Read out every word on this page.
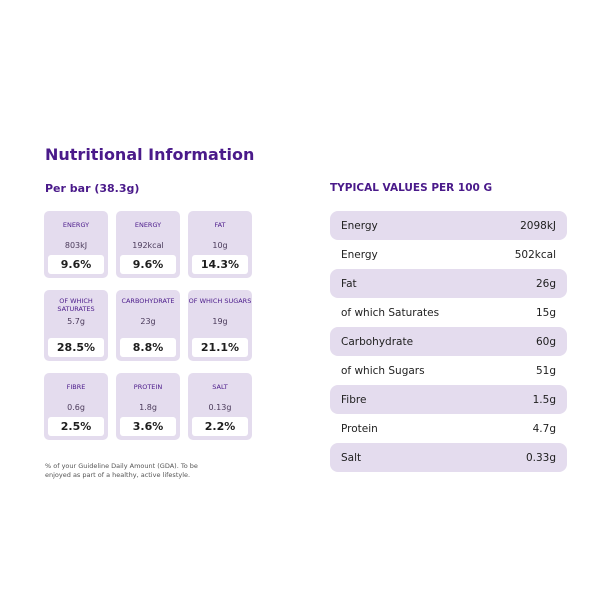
Nutritional Information
Per bar (38.3g)
ENERGY
803kJ
9.6%
ENERGY
192kcal
9.6%
FAT
10g
14.3%
OF WHICH SATURATES
5.7g
28.5%
CARBOHYDRATE
23g
8.8%
OF WHICH SUGARS
19g
21.1%
FIBRE
0.6g
2.5%
PROTEIN
1.8g
3.6%
SALT
0.13g
2.2%
% of your Guideline Daily Amount (GDA). To be enjoyed as part of a healthy, active lifestyle.
TYPICAL VALUES PER 100 G
Energy	2098kJ
Energy	502kcal
Fat	26g
of which Saturates	15g
Carbohydrate	60g
of which Sugars	51g
Fibre	1.5g
Protein	4.7g
Salt	0.33g
